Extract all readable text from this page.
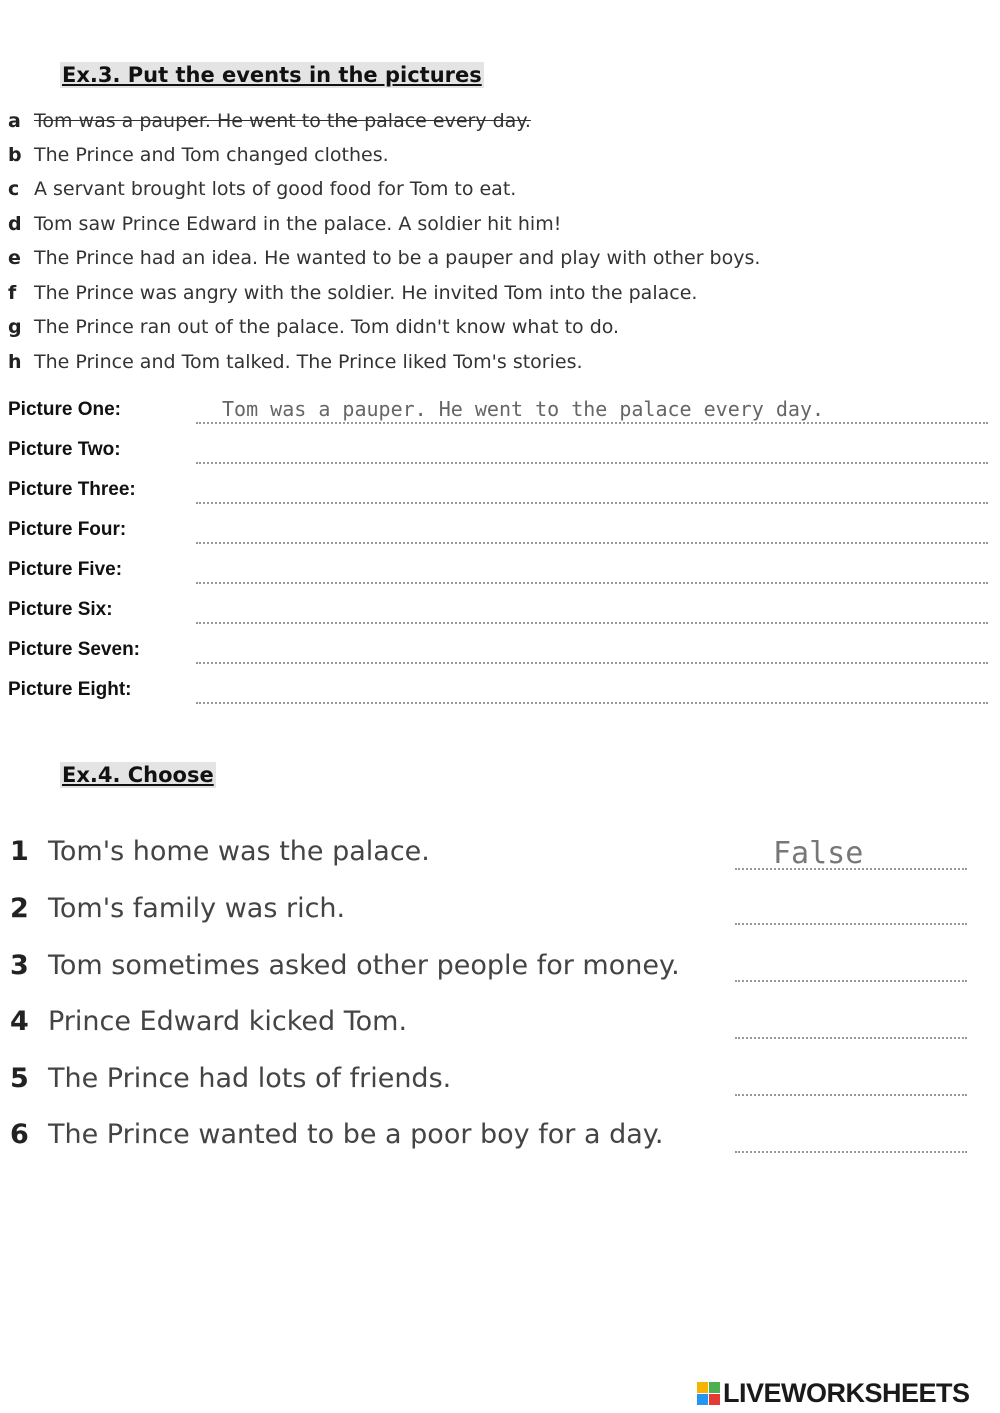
Ex.3. Put the events in the pictures
a Tom was a pauper. He went to the palace every day.
b The Prince and Tom changed clothes.
c A servant brought lots of good food for Tom to eat.
d Tom saw Prince Edward in the palace. A soldier hit him!
e The Prince had an idea. He wanted to be a pauper and play with other boys.
f The Prince was angry with the soldier. He invited Tom into the palace.
g The Prince ran out of the palace. Tom didn't know what to do.
h The Prince and Tom talked. The Prince liked Tom's stories.
Picture One:
Tom was a pauper. He went to the palace every day.
Picture Two:
Picture Three:
Picture Four:
Picture Five:
Picture Six:
Picture Seven:
Picture Eight:
Ex.4. Choose
1 Tom's home was the palace.
False
2 Tom's family was rich.
3 Tom sometimes asked other people for money.
4 Prince Edward kicked Tom.
5 The Prince had lots of friends.
6 The Prince wanted to be a poor boy for a day.
LIVEWORKSHEETS
